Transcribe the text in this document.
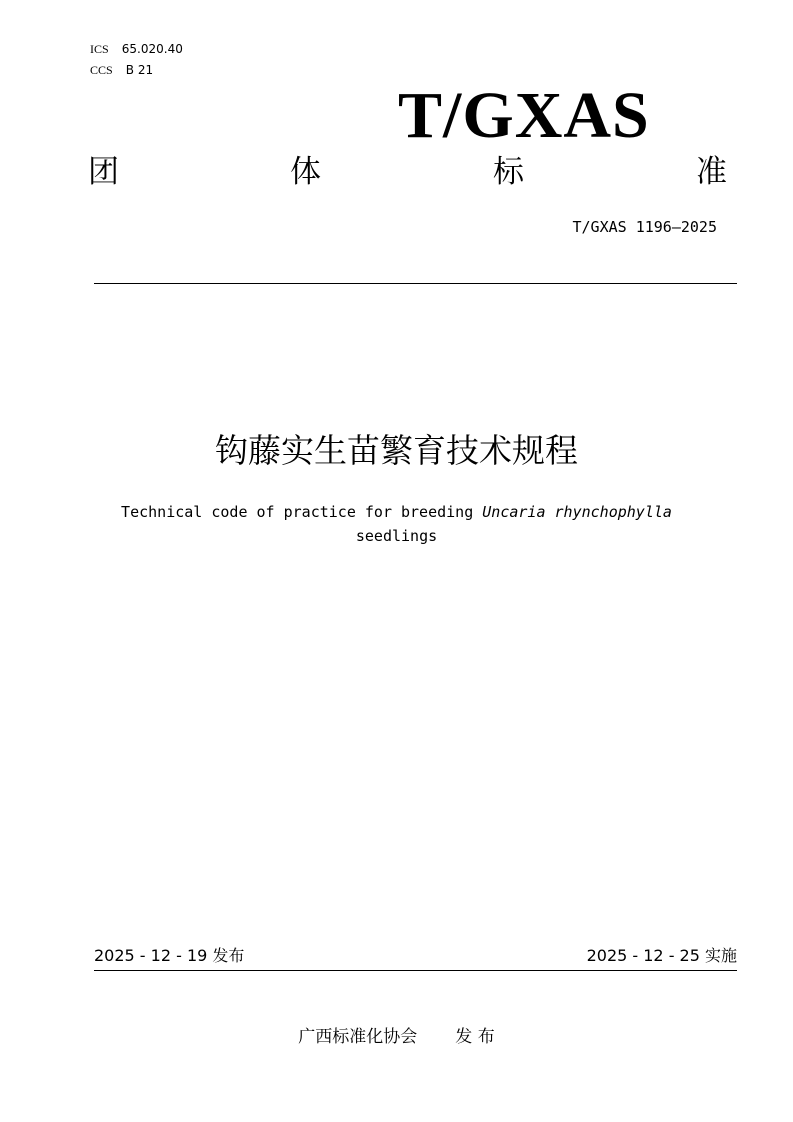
ICS 65.020.40
CCS B 21
T/GXAS
团	体	标	准
T/GXAS 1196—2025
钩藤实生苗繁育技术规程
Technical code of practice for breeding Uncaria rhynchophylla
seedlings
2025 - 12 - 19 发布	2025 - 12 - 25 实施
广西标准化协会 发 布
